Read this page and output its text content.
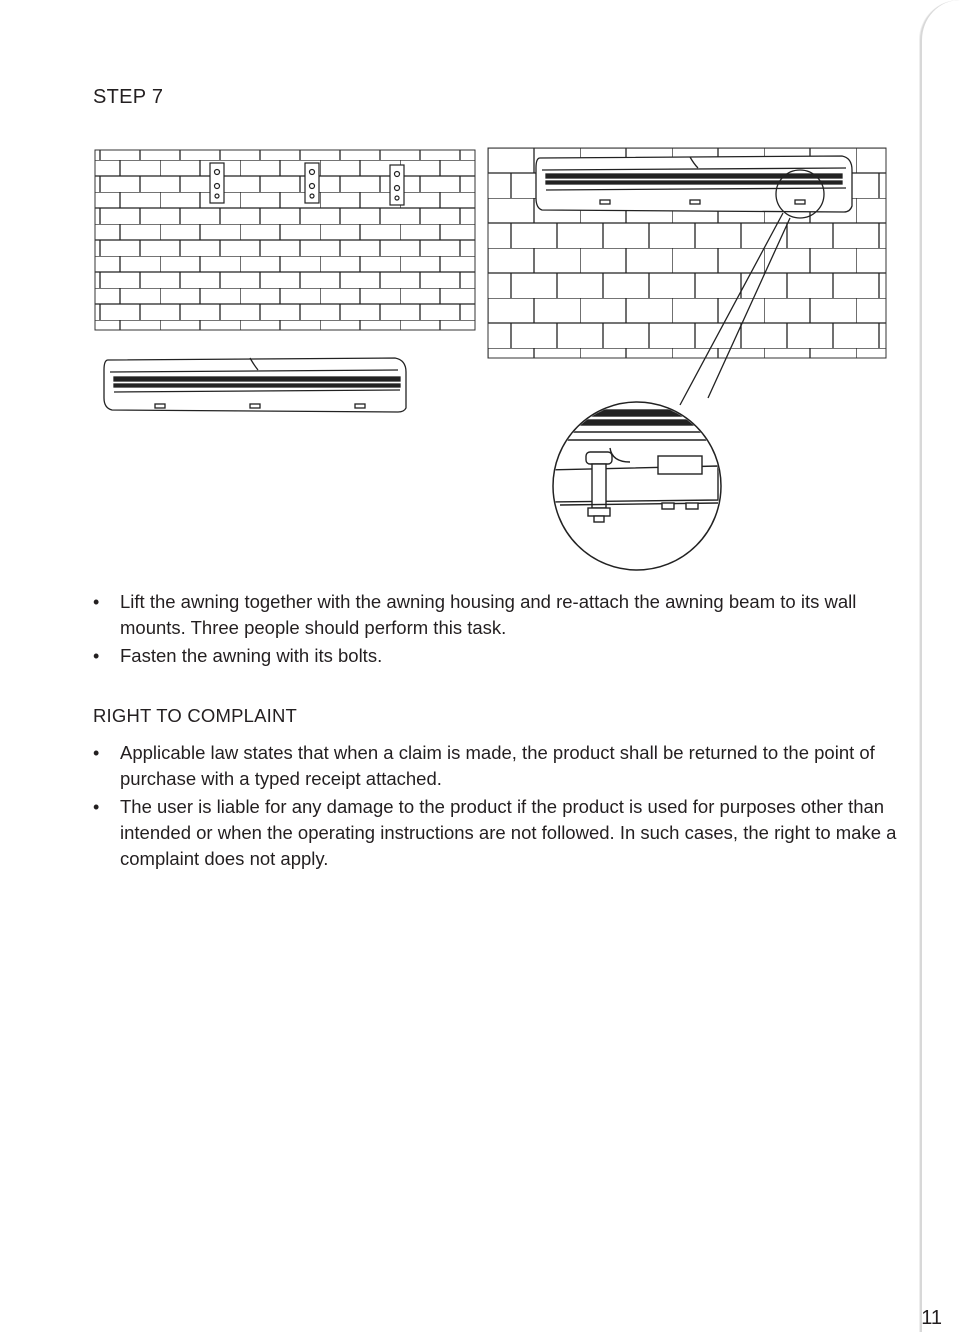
STEP 7
• Lift the awning together with the awning housing and re-attach the awning beam to its wall mounts. Three people should perform this task.
• Fasten the awning with its bolts.
RIGHT TO COMPLAINT
• Applicable law states that when a claim is made, the product shall be returned to the point of purchase with a typed receipt attached.
• The user is liable for any damage to the product if the product is used for purposes other than intended or when the operating instructions are not followed. In such cases, the right to make a complaint does not apply.
11
